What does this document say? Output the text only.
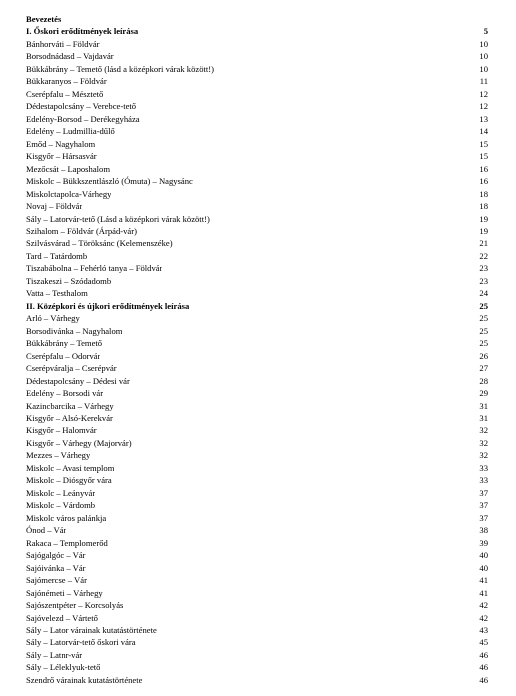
Bevezetés
I. Őskori erődítmények leírása	5
Bánhorváti – Földvár	10
Borsodnádasd – Vajdavár	10
Bükkábrány – Temető (lásd a középkori várak között!)	10
Bükkaranyos – Földvár	11
Cserépfalu – Mésztető	12
Dédestapolcsány – Verebce-tető	12
Edelény-Borsod – Derékegyháza	13
Edelény – Ludmillia-dűlő	14
Emőd – Nagyhalom	15
Kisgyőr – Hársasvár	15
Mezőcsát – Laposhalom	16
Miskolc – Bükkszentlászló (Ómuta) – Nagysánc	16
Miskolctapolca-Várhegy	18
Novaj – Földvár	18
Sály – Latorvár-tető (Lásd a középkori várak között!)	19
Szihalom – Földvár (Árpád-vár)	19
Szilvásvárad – Töröksánc (Kelemenszéke)	21
Tard – Tatárdomb	22
Tiszabábolna – Fehérló tanya – Földvár	23
Tiszakeszi – Szódadomb	23
Vatta – Testhalom	24
II. Középkori és újkori erődítmények leírása	25
Arló – Várhegy	25
Borsodivánka – Nagyhalom	25
Bükkábrány – Temető	25
Cserépfalu – Odorvár	26
Cserépváralja – Cserépvár	27
Dédestapolcsány – Dédesi vár	28
Edelény – Borsodi vár	29
Kazincbarcika – Várhegy	31
Kisgyőr – Alsó-Kerekvár	31
Kisgyőr – Halomvár	32
Kisgyőr – Várhegy (Majorvár)	32
Mezzes – Várhegy	32
Miskolc – Avasi templom	33
Miskolc – Diósgyőr vára	33
Miskolc – Leányvár	37
Miskolc – Várdomb	37
Miskolc város palánkja	37
Ónod – Vár	38
Rakaca – Templomerőd	39
Sajógalgóc – Vár	40
Sajóivánka – Vár	40
Sajómercse – Vár	41
Sajónémeti – Várhegy	41
Sajószentpéter – Korcsolyás	42
Sajóvelezd – Vártető	42
Sály – Lator várainak kutatástörténete	43
Sály – Latorvár-tető őskori vára	45
Sály – Latnr-vár	46
Sály – Léleklyuk-tető	46
Szendrő várainak kutatástörténete	46
